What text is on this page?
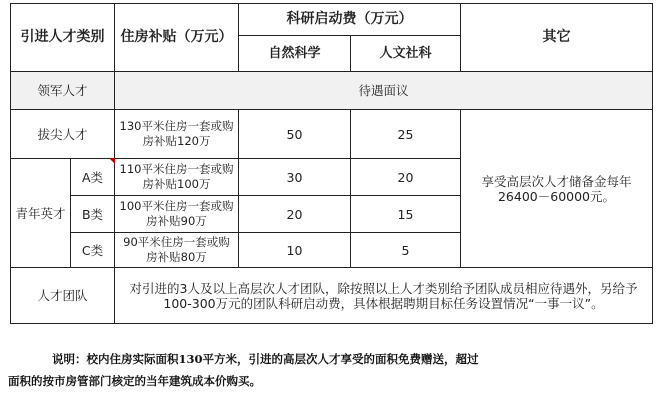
引进人才类别		住房补贴（万元）	科研启动费（万元）		其它
			自然科学	人文社科	
领军人才		待遇面议			
拔尖人才		130平米住房一套或购房补贴120万	50	25	享受高层次人才储备金每年26400－60000元。
青年英才	A类	110平米住房一套或购房补贴100万	30	20	
	B类	100平米住房一套或购房补贴90万	20	15	
	C类	90平米住房一套或购房补贴80万	10	5	
人才团队		对引进的3人及以上高层次人才团队，除按照以上人才类别给予团队成员相应待遇外，另给予100-300万元的团队科研启动费，具体根据聘期目标任务设置情况“一事一议”。			
说明：校内住房实际面积130平方米，引进的高层次人才享受的面积免费赠送，超过
面积的按市房管部门核定的当年建筑成本价购买。
